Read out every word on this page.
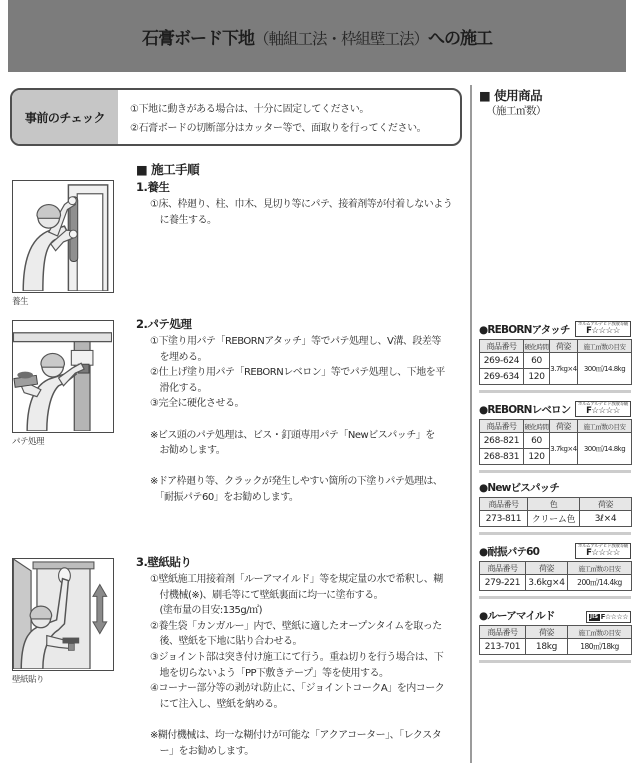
石膏ボード下地（軸組工法・枠組壁工法）への施工
事前のチェック
①下地に動きがある場合は、十分に固定してください。
②石膏ボードの切断部分はカッター等で、面取りを行ってください。
■ 使用商品
（施工㎡数）
■ 施工手順
1.養生
①床、枠廻り、柱、巾木、見切り等にパテ、接着剤等が付着しないよう
　に養生する。
2.パテ処理
①下塗り用パテ「REBORNアタッチ」等でパテ処理し、V溝、段差等
　を埋める。
②仕上げ塗り用パテ「REBORNレベロン」等でパテ処理し、下地を平
　滑化する。
③完全に硬化させる。
※ビス頭のパテ処理は、ビス・釘頭専用パテ「Newビスパッチ」を
　お勧めします。
※ドア枠廻り等、クラックが発生しやすい箇所の下塗りパテ処理は、
　「耐振パテ60」をお勧めします。
3.壁紙貼り
①壁紙施工用接着剤「ルーアマイルド」等を規定量の水で希釈し、糊
　付機械(※)、刷毛等にて壁紙裏面に均一に塗布する。
　(塗布量の目安:135g/㎡)
②養生袋「カンガルー」内で、壁紙に適したオープンタイムを取った
　後、壁紙を下地に貼り合わせる。
③ジョイント部は突き付け施工にて行う。重ね切りを行う場合は、下
　地を切らないよう「PP下敷きテープ」等を使用する。
④コーナー部分等の剥がれ防止に、「ジョイントコークA」を内コーク
　にて注入し、壁紙を納める。
※糊付機械は、均一な糊付けが可能な「アクアコーター」、「レクスタ
　ー」をお勧めします。
養生
パテ処理
壁紙貼り
●REBORNアタッチ ホルムアルデヒド放散等級
F☆☆☆☆
商品番号	硬化時間	荷姿	施工㎡数の目安
269-624	60	3.7kg×4	300㎡/14.8kg
269-634	120		
●REBORNレベロン ホルムアルデヒド放散等級
F☆☆☆☆
商品番号	硬化時間	荷姿	施工㎡数の目安
268-821	60	3.7kg×4	300㎡/14.8kg
268-831	120		
●Newビスパッチ
商品番号	色	荷姿
273-811	クリーム色	3ℓ×4
●耐振パテ60	ホルムアルデヒド放散等級
F☆☆☆☆
商品番号	荷姿	施工㎡数の目安
279-221	3.6kg×4	200㎡/14.4kg
●ルーアマイルド	JIS F☆☆☆☆
商品番号	荷姿	施工㎡数の目安
213-701	18kg	180㎡/18kg
